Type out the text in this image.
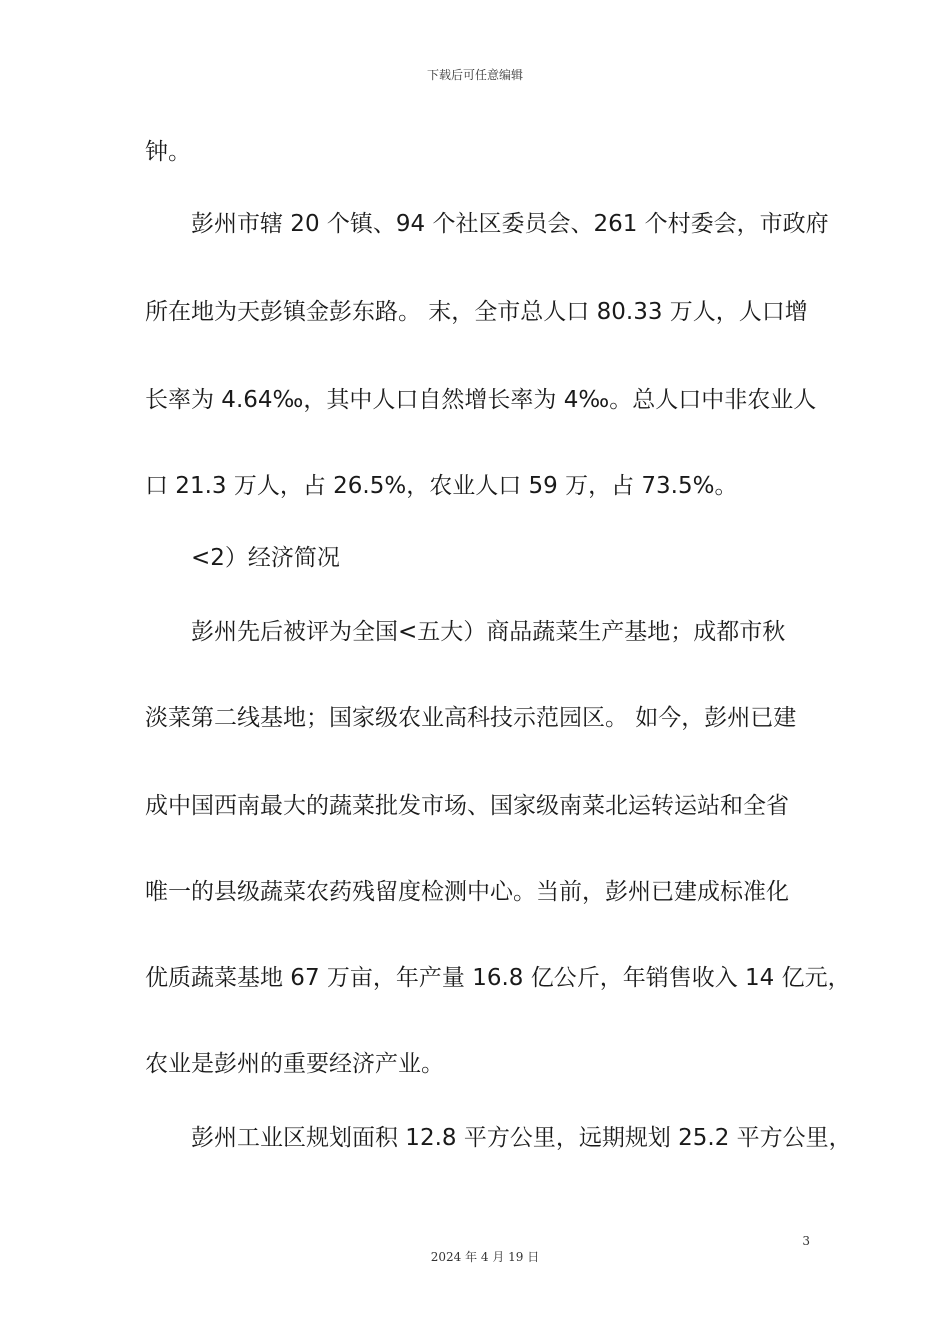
下载后可任意编辑
钟。
彭州市辖 20 个镇、94 个社区委员会、261 个村委会，市政府
所在地为天彭镇金彭东路。 末，全市总人口 80.33 万人，人口增
长率为 4.64‰，其中人口自然增长率为 4‰。总人口中非农业人
口 21.3 万人，占 26.5%，农业人口 59 万，占 73.5%。
<2）经济简况
彭州先后被评为全国<五大）商品蔬菜生产基地；成都市秋
淡菜第二线基地；国家级农业高科技示范园区。 如今，彭州已建
成中国西南最大的蔬菜批发市场、国家级南菜北运转运站和全省
唯一的县级蔬菜农药残留度检测中心。当前，彭州已建成标准化
优质蔬菜基地 67 万亩，年产量 16.8 亿公斤，年销售收入 14 亿元，
农业是彭州的重要经济产业。
彭州工业区规划面积 12.8 平方公里，远期规划 25.2 平方公里，
3
2024 年 4 月 19 日
